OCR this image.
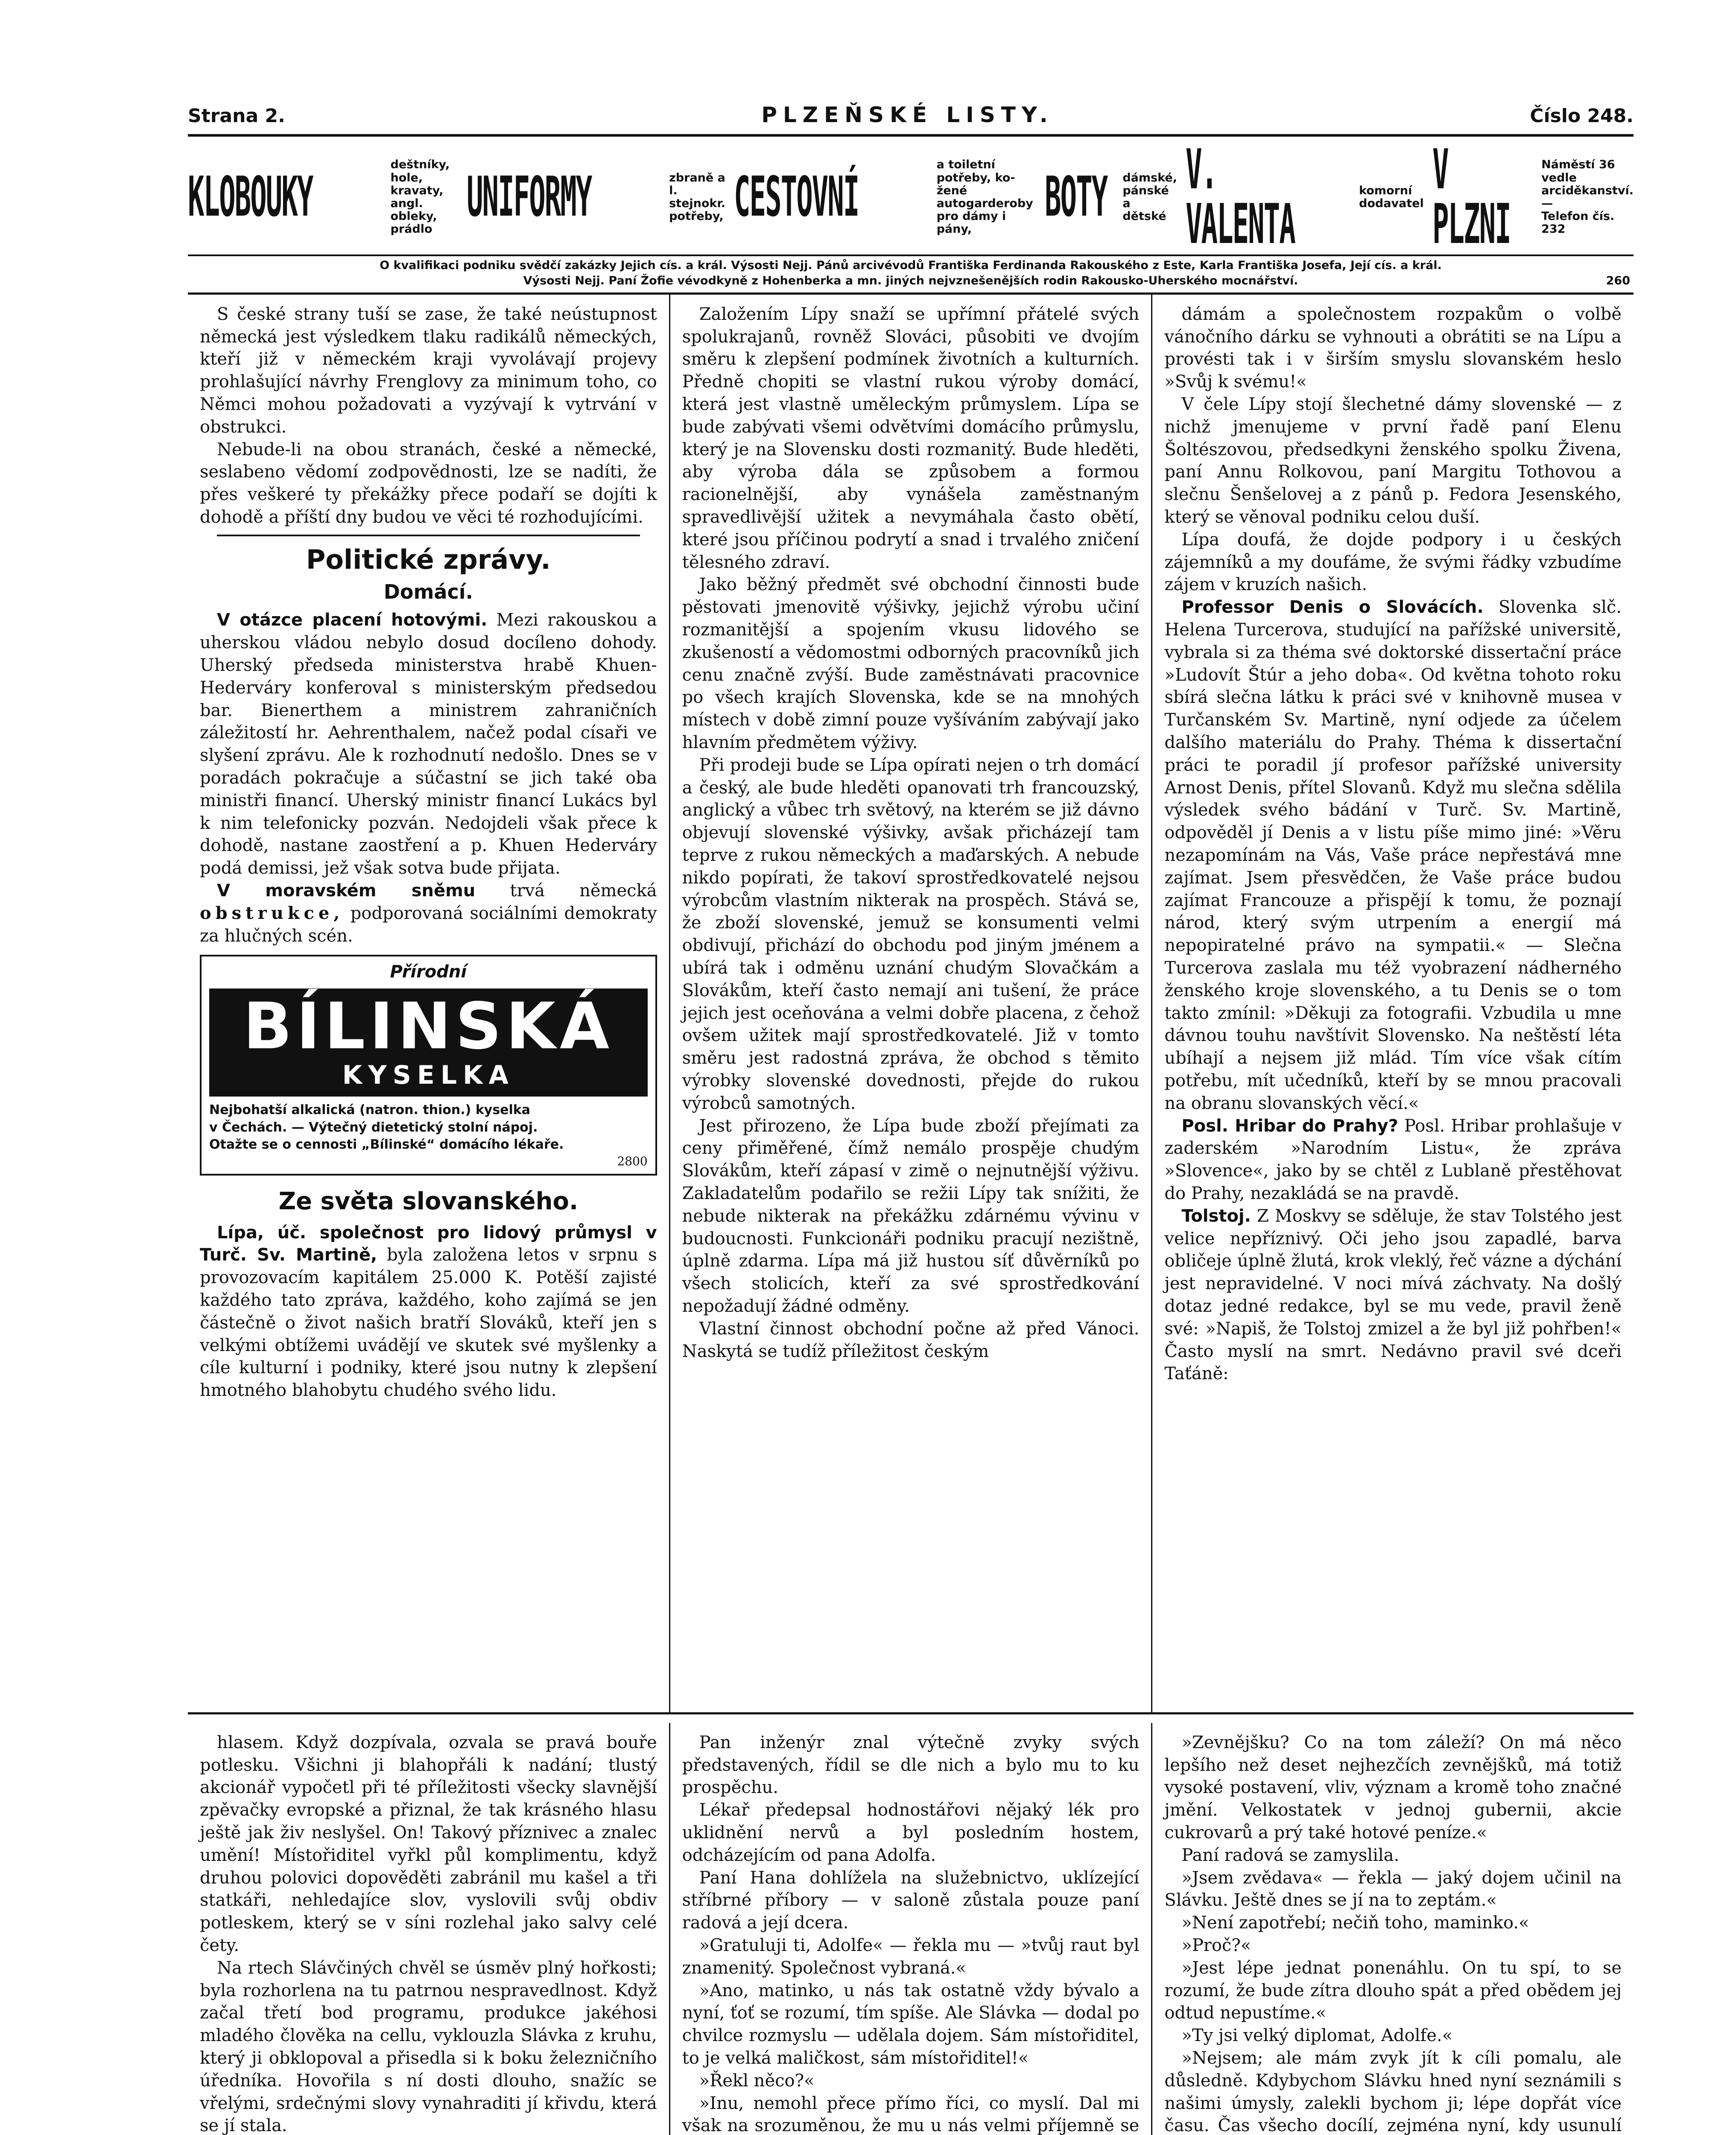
Strana 2.	PLZEŇSKÉ LISTY.	Číslo 248.
KLOBOUKY
deštníky, hole,
kravaty, angl.
obleky, prádlo
UNIFORMY	zbraně a l.
stejnokr.
potřeby, CESTOVNÍ
a toiletní potřeby, ko-
žené autogarderoby
pro dámy i pány,
BOTY dámské,
pánské
a dětské
V. VALENTA
komorní
dodavatel
V PLZNI
Náměstí 36 vedle
arciděkanství. —
Telefon čís. 232
O kvalifikaci podniku svědčí zakázky Jejich cís. a král. Výsosti Nejj. Pánů arcivévodů Františka Ferdinanda Rakouského z Este, Karla Františka Josefa, Její cís. a král.
Výsosti Nejj. Paní Žofie vévodkyně z Hohenberka a mn. jiných nejvznešenějších rodin Rakousko-Uherského mocnářství.	260

S české strany tuší se zase, že také neústupnost německá jest výsledkem tlaku radikálů německých, kteří již v německém kraji vyvolávají projevy prohlašující návrhy Frenglovy za minimum toho, co Němci mohou požadovati a vyzývají k vytrvání v obstrukci.

Nebude-li na obou stranách, české a německé, seslabeno vědomí zodpovědnosti, lze se nadíti, že přes veškeré ty překážky přece podaří se dojíti k dohodě a příští dny budou ve věci té rozhodujícími.

Politické zprávy.
Domácí.

V otázce placení hotovými. Mezi rakouskou a uherskou vládou nebylo dosud docíleno dohody. Uherský předseda ministerstva hrabě Khuen-Hederváry konferoval s ministerským předsedou bar. Bienerthem a ministrem zahraničních záležitostí hr. Aehrenthalem, načež podal císaři ve slyšení zprávu. Ale k rozhodnutí nedošlo. Dnes se v poradách pokračuje a súčastní se jich také oba ministři financí. Uherský ministr financí Lukács byl k nim telefonicky pozván. Nedojdeli však přece k dohodě, nastane zaostření a p. Khuen Hederváry podá demissi, jež však sotva bude přijata.

V moravském sněmu trvá německá obstrukce, podporovaná sociálními demokraty za hlučných scén.

Přírodní
BÍLINSKÁ
KYSELKA
Nejbohatší alkalická (natron. thion.) kyselka
v Čechách. — Výtečný dietetický stolní nápoj.
Otažte se o cennosti „Bílinské“ domácího lékaře.
2800
Ze světa slovanského.

Lípa, úč. společnost pro lidový průmysl v Turč. Sv. Martině, byla založena letos v srpnu s provozovacím kapitálem 25.000 K. Potěší zajisté každého tato zpráva, každého, koho zajímá se jen částečně o život našich bratří Slováků, kteří jen s velkými obtížemi uvádějí ve skutek své myšlenky a cíle kulturní i podniky, které jsou nutny k zlepšení hmotného blahobytu chudého svého lidu.

Založením Lípy snaží se upřímní přátelé svých spolukrajanů, rovněž Slováci, působiti ve dvojím směru k zlepšení podmínek životních a kulturních. Předně chopiti se vlastní rukou výroby domácí, která jest vlastně uměleckým průmyslem. Lípa se bude zabývati všemi odvětvími domácího průmyslu, který je na Slovensku dosti rozmanitý. Bude hleděti, aby výroba dála se způsobem a formou racionelnější, aby vynášela zaměstnaným spravedlivější užitek a nevymáhala často obětí, které jsou příčinou podrytí a snad i trvalého zničení tělesného zdraví.

Jako běžný předmět své obchodní činnosti bude pěstovati jmenovitě výšivky, jejichž výrobu učiní rozmanitější a spojením vkusu lidového se zkušeností a vědomostmi odborných pracovníků jich cenu značně zvýší. Bude zaměstnávati pracovnice po všech krajích Slovenska, kde se na mnohých místech v době zimní pouze vyšíváním zabývají jako hlavním předmětem výživy.

Při prodeji bude se Lípa opírati nejen o trh domácí a český, ale bude hleděti opanovati trh francouzský, anglický a vůbec trh světový, na kterém se již dávno objevují slovenské výšivky, avšak přicházejí tam teprve z rukou německých a maďarských. A nebude nikdo popírati, že takoví sprostředkovatelé nejsou výrobcům vlastním nikterak na prospěch. Stává se, že zboží slovenské, jemuž se konsumenti velmi obdivují, přichází do obchodu pod jiným jménem a ubírá tak i odměnu uznání chudým Slovačkám a Slovákům, kteří často nemají ani tušení, že práce jejich jest oceňována a velmi dobře placena, z čehož ovšem užitek mají sprostředkovatelé. Již v tomto směru jest radostná zpráva, že obchod s těmito výrobky slovenské dovednosti, přejde do rukou výrobců samotných.

Jest přirozeno, že Lípa bude zboží přejímati za ceny přiměřené, čímž nemálo prospěje chudým Slovákům, kteří zápasí v zimě o nejnutnější výživu. Zakladatelům podařilo se režii Lípy tak snížiti, že nebude nikterak na překážku zdárnému vývinu v budoucnosti. Funkcionáři podniku pracují nezištně, úplně zdarma. Lípa má již hustou síť důvěrníků po všech stolicích, kteří za své sprostředkování nepožadují žádné odměny.

Vlastní činnost obchodní počne až před Vánoci. Naskytá se tudíž příležitost českým

dámám a společnostem rozpakům o volbě vánočního dárku se vyhnouti a obrátiti se na Lípu a provésti tak i v širším smyslu slovanském heslo »Svůj k svému!«

V čele Lípy stojí šlechetné dámy slovenské — z nichž jmenujeme v první řadě paní Elenu Šoltészovou, předsedkyni ženského spolku Živena, paní Annu Rolkovou, paní Margitu Tothovou a slečnu Šenšelovej a z pánů p. Fedora Jesenského, který se věnoval podniku celou duší.

Lípa doufá, že dojde podpory i u českých zájemníků a my doufáme, že svými řádky vzbudíme zájem v kruzích našich.

Professor Denis o Slovácích. Slovenka slč. Helena Turcerova, studující na pařížské universitě, vybrala si za théma své doktorské dissertační práce »Ludovít Štúr a jeho doba«. Od května tohoto roku sbírá slečna látku k práci své v knihovně musea v Turčanském Sv. Martině, nyní odjede za účelem dalšího materiálu do Prahy. Théma k dissertační práci te poradil jí profesor pařížské university Arnost Denis, přítel Slovanů. Když mu slečna sdělila výsledek svého bádání v Turč. Sv. Martině, odpověděl jí Denis a v listu píše mimo jiné: »Věru nezapomínám na Vás, Vaše práce nepřestává mne zajímat. Jsem přesvědčen, že Vaše práce budou zajímat Francouze a přispějí k tomu, že poznají národ, který svým utrpením a energií má nepopiratelné právo na sympatii.« — Slečna Turcerova zaslala mu též vyobrazení nádherného ženského kroje slovenského, a tu Denis se o tom takto zmínil: »Děkuji za fotografii. Vzbudila u mne dávnou touhu navštívit Slovensko. Na neštěstí léta ubíhají a nejsem již mlád. Tím více však cítím potřebu, mít učedníků, kteří by se mnou pracovali na obranu slovanských věcí.«

Posl. Hribar do Prahy? Posl. Hribar prohlašuje v zaderském »Narodním Listu«, že zpráva »Slovence«, jako by se chtěl z Lublaně přestěhovat do Prahy, nezakládá se na pravdě.

Tolstoj. Z Moskvy se sděluje, že stav Tolstého jest velice nepříznivý. Oči jeho jsou zapadlé, barva obličeje úplně žlutá, krok vleklý, řeč vázne a dýchání jest nepravidelné. V noci mívá záchvaty. Na došlý dotaz jedné redakce, byl se mu vede, pravil ženě své: »Napiš, že Tolstoj zmizel a že byl již pohřben!« Často myslí na smrt. Nedávno pravil své dceři Taťáně:

hlasem. Když dozpívala, ozvala se pravá bouře potlesku. Všichni ji blahopřáli k nadání; tlustý akcionář vypočetl při té příležitosti všecky slavnější zpěvačky evropské a přiznal, že tak krásného hlasu ještě jak živ neslyšel. On! Takový příznivec a znalec umění! Místořiditel vyřkl půl komplimentu, když druhou polovici dopověděti zabránil mu kašel a tři statkáři, nehledajíce slov, vyslovili svůj obdiv potleskem, který se v síni rozlehal jako salvy celé čety.

Na rtech Slávčiných chvěl se úsměv plný hořkosti; byla rozhorlena na tu patrnou nespravedlnost. Když začal třetí bod programu, produkce jakéhosi mladého člověka na cellu, vyklouzla Slávka z kruhu, který ji obklopoval a přisedla si k boku železničního úředníka. Hovořila s ní dosti dlouho, snažíc se vřelými, srdečnými slovy vynahraditi jí křivdu, která se jí stala.

Pan inženýr znal výtečně zvyky svých představených, řídil se dle nich a bylo mu to ku prospěchu.

Lékař předepsal hodnostářovi nějaký lék pro uklidnění nervů a byl posledním hostem, odcházejícím od pana Adolfa.

Paní Hana dohlížela na služebnictvo, uklízející stříbrné příbory — v saloně zůstala pouze paní radová a její dcera.

»Gratuluji ti, Adolfe« — řekla mu — »tvůj raut byl znamenitý. Společnost vybraná.«

»Ano, matinko, u nás tak ostatně vždy bývalo a nyní, ťoť se rozumí, tím spíše. Ale Slávka — dodal po chvilce rozmyslu — udělala dojem. Sám místořiditel, to je velká maličkost, sám místořiditel!«

»Řekl něco?«

»Inu, nemohl přece přímo říci, co myslí. Dal mi však na srozuměnou, že mu u nás velmi příjemně se

»Zevnějšku? Co na tom záleží? On má něco lepšího než deset nejhezčích zevnějšků, má totiž vysoké postavení, vliv, význam a kromě toho značné jmění. Velkostatek v jednoj gubernii, akcie cukrovarů a prý také hotové peníze.«

Paní radová se zamyslila.

»Jsem zvědava« — řekla — jaký dojem učinil na Slávku. Ještě dnes se jí na to zeptám.«

»Není zapotřebí; nečiň toho, maminko.«

»Proč?«

»Jest lépe jednat ponenáhlu. On tu spí, to se rozumí, že bude zítra dlouho spát a před obědem jej odtud nepustíme.«

»Ty jsi velký diplomat, Adolfe.«

»Nejsem; ale mám zvyk jít k cíli pomalu, ale důsledně. Kdybychom Slávku hned nyní seznámili s našimi úmysly, zalekli bychom ji; lépe dopřát více času. Čas všecho docílí, zejména nyní, kdy usunulí
